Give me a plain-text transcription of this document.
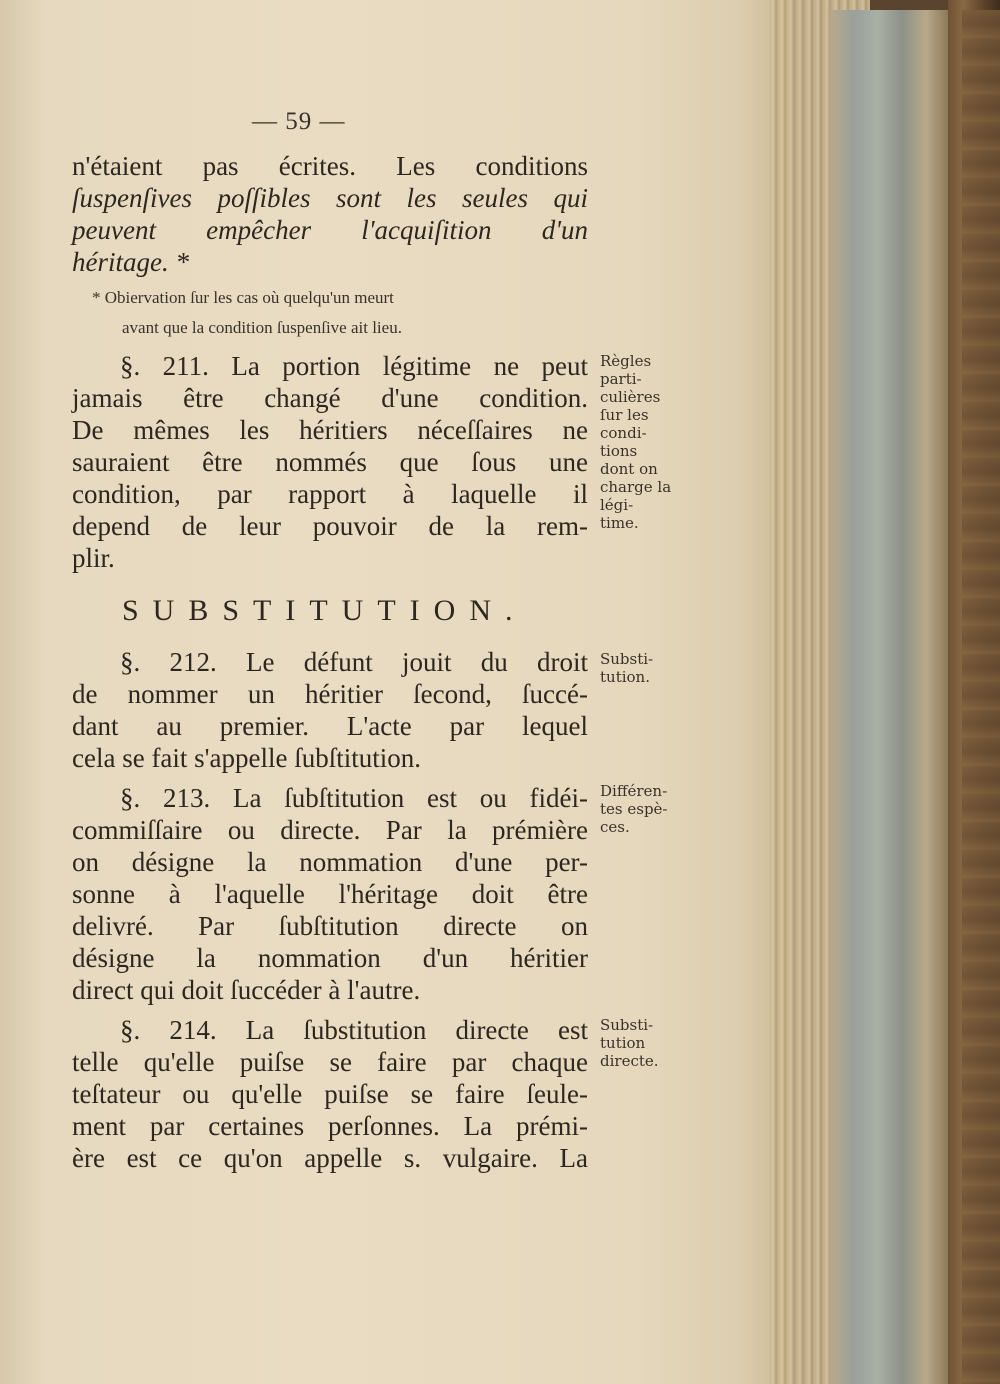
— 59 —
n'étaient pas écrites. Les conditions
ſuspenſives poſſibles sont les seules qui
peuvent empêcher l'acquiſition d'un
héritage. *
* Obiervation ſur les cas où quelqu'un meurt
avant que la condition ſuspenſive ait lieu.
§. 211. La portion légitime ne peut
jamais être changé d'une condition.
De mêmes les héritiers néceſſaires ne
sauraient être nommés que ſous une
condition, par rapport à laquelle il
depend de leur pouvoir de la rem-
plir.
Règles
parti-
culières
ſur les
condi-
tions
dont on
charge la
légi-
time.
SUBSTITUTION.
§. 212. Le défunt jouit du droit
de nommer un héritier ſecond, ſuccé-
dant au premier. L'acte par lequel
cela se fait s'appelle ſubſtitution.
Substi-
tution.
§. 213. La ſubſtitution est ou fidéi-
commiſſaire ou directe. Par la prémière
on désigne la nommation d'une per-
sonne à l'aquelle l'héritage doit être
delivré. Par ſubſtitution directe on
désigne la nommation d'un héritier
direct qui doit ſuccéder à l'autre.
Différen-
tes espè-
ces.
§. 214. La ſubstitution directe est
telle qu'elle puiſse se faire par chaque
teſtateur ou qu'elle puiſse se faire ſeule-
ment par certaines perſonnes. La prémi-
ère est ce qu'on appelle s. vulgaire. La
Substi-
tution
directe.
